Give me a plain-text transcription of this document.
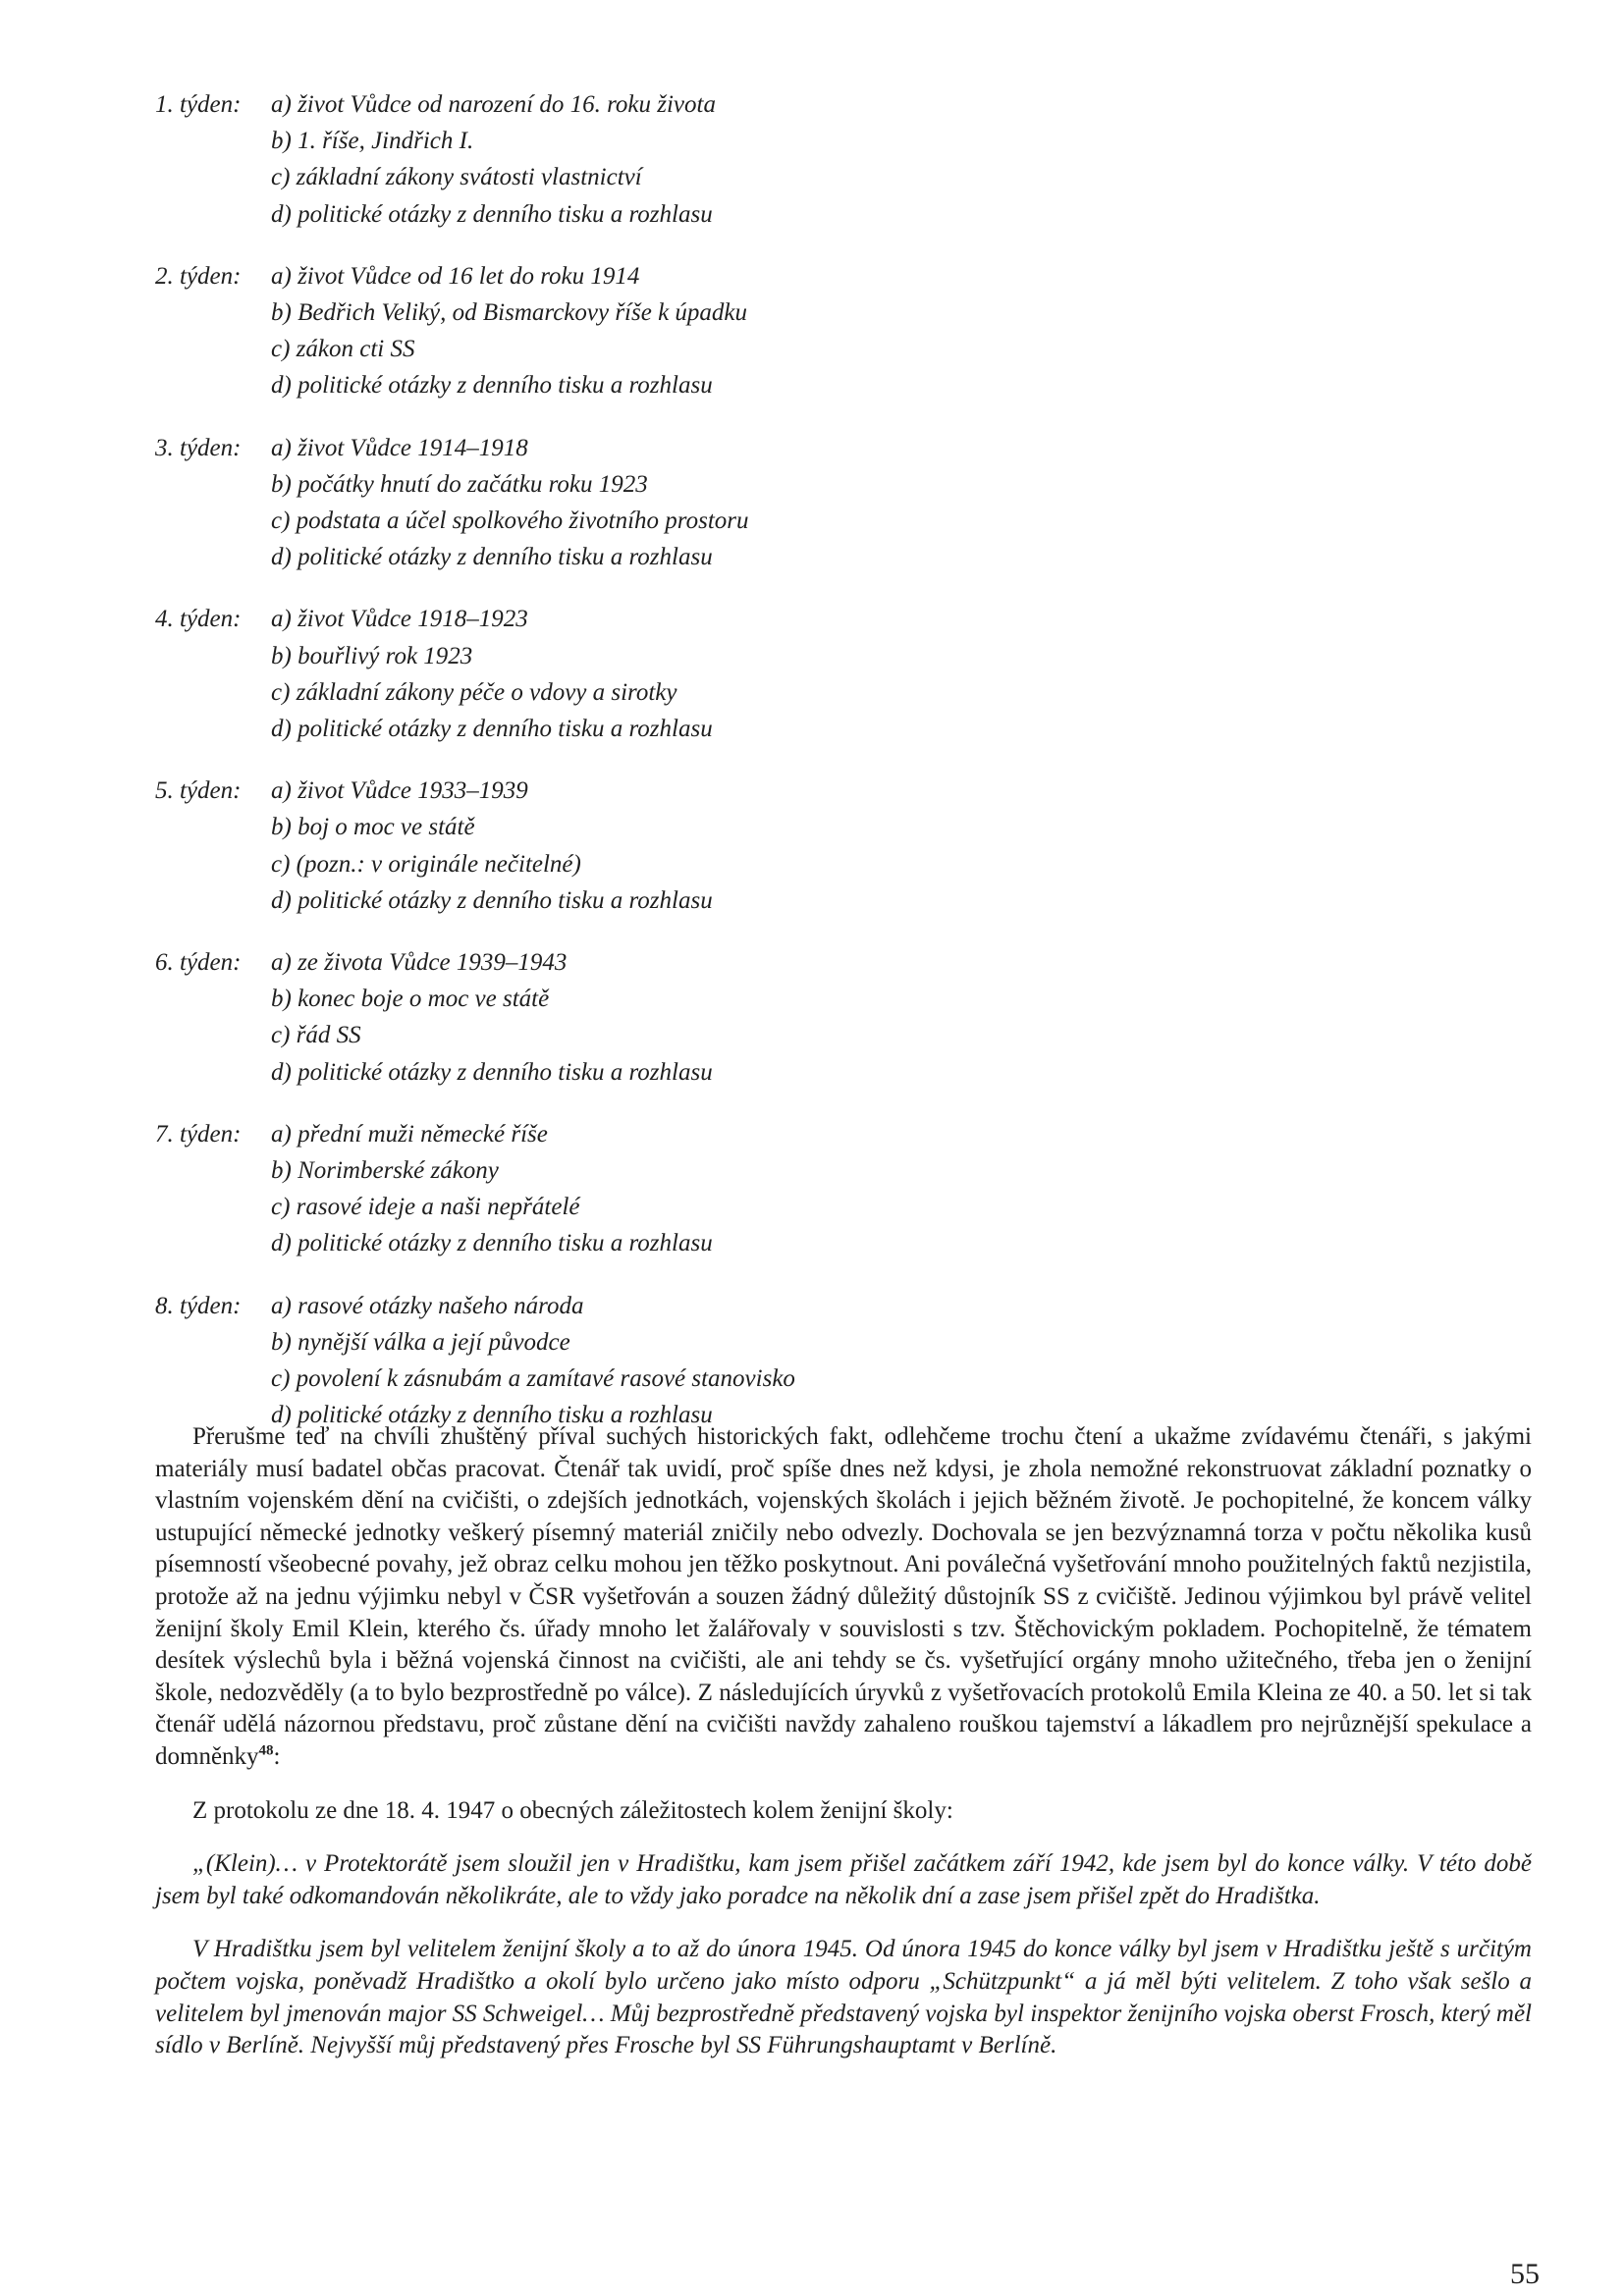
1. týden:	a) život Vůdce od narození do 16. roku života
b) 1. říše, Jindřich I.
c) základní zákony svátosti vlastnictví
d) politické otázky z denního tisku a rozhlasu
2. týden:	a) život Vůdce od 16 let do roku 1914
b) Bedřich Veliký, od Bismarckovy říše k úpadku
c) zákon cti SS
d) politické otázky z denního tisku a rozhlasu
3. týden:	a) život Vůdce 1914–1918
b) počátky hnutí do začátku roku 1923
c) podstata a účel spolkového životního prostoru
d) politické otázky z denního tisku a rozhlasu
4. týden:	a) život Vůdce 1918–1923
b) bouřlivý rok 1923
c) základní zákony péče o vdovy a sirotky
d) politické otázky z denního tisku a rozhlasu
5. týden:	a) život Vůdce 1933–1939
b) boj o moc ve státě
c) (pozn.: v originále nečitelné)
d) politické otázky z denního tisku a rozhlasu
6. týden:	a) ze života Vůdce 1939–1943
b) konec boje o moc ve státě
c) řád SS
d) politické otázky z denního tisku a rozhlasu
7. týden:	a) přední muži německé říše
b) Norimberské zákony
c) rasové ideje a naši nepřátelé
d) politické otázky z denního tisku a rozhlasu
8. týden:	a) rasové otázky našeho národa
b) nynější válka a její původce
c) povolení k zásnubám a zamítavé rasové stanovisko
d) politické otázky z denního tisku a rozhlasu

Přerušme teď na chvíli zhuštěný příval suchých historických fakt, odlehčeme trochu čtení a ukažme zvídavému čtenáři, s jakými materiály musí badatel občas pracovat. Čtenář tak uvidí, proč spíše dnes než kdysi, je zhola nemožné rekonstruovat základní poznatky o vlastním vojenském dění na cvičišti, o zdejších jednotkách, vojenských školách i jejich běžném životě. Je pochopitelné, že koncem války ustupující německé jednotky veškerý písemný materiál zničily nebo odvezly. Dochovala se jen bezvýznamná torza v počtu několika kusů písemností všeobecné povahy, jež obraz celku mohou jen těžko poskytnout. Ani poválečná vyšetřování mnoho použitelných faktů nezjistila, protože až na jednu výjimku nebyl v ČSR vyšetřován a souzen žádný důležitý důstojník SS z cvičiště. Jedinou výjimkou byl právě velitel ženijní školy Emil Klein, kterého čs. úřady mnoho let žalářovaly v souvislosti s tzv. Štěchovickým pokladem. Pochopitelně, že tématem desítek výslechů byla i běžná vojenská činnost na cvičišti, ale ani tehdy se čs. vyšetřující orgány mnoho užitečného, třeba jen o ženijní škole, nedozvěděly (a to bylo bezprostředně po válce). Z následujících úryvků z vyšetřovacích protokolů Emila Kleina ze 40. a 50. let si tak čtenář udělá názornou představu, proč zůstane dění na cvičišti navždy zahaleno rouškou tajemství a lákadlem pro nejrůznější spekulace a domněnky$^{48}$:

Z protokolu ze dne 18. 4. 1947 o obecných záležitostech kolem ženijní školy:

„(Klein)… v Protektorátě jsem sloužil jen v Hradištku, kam jsem přišel začátkem září 1942, kde jsem byl do konce války. V této době jsem byl také odkomandován několikráte, ale to vždy jako poradce na několik dní a zase jsem přišel zpět do Hradištka.

V Hradištku jsem byl velitelem ženijní školy a to až do února 1945. Od února 1945 do konce války byl jsem v Hradištku ještě s určitým počtem vojska, poněvadž Hradištko a okolí bylo určeno jako místo odporu „Schützpunkt“ a já měl býti velitelem. Z toho však sešlo a velitelem byl jmenován major SS Schweigel… Můj bezprostředně představený vojska byl inspektor ženijního vojska oberst Frosch, který měl sídlo v Berlíně. Nejvyšší můj představený přes Frosche byl SS Führungshauptamt v Berlíně.

55
